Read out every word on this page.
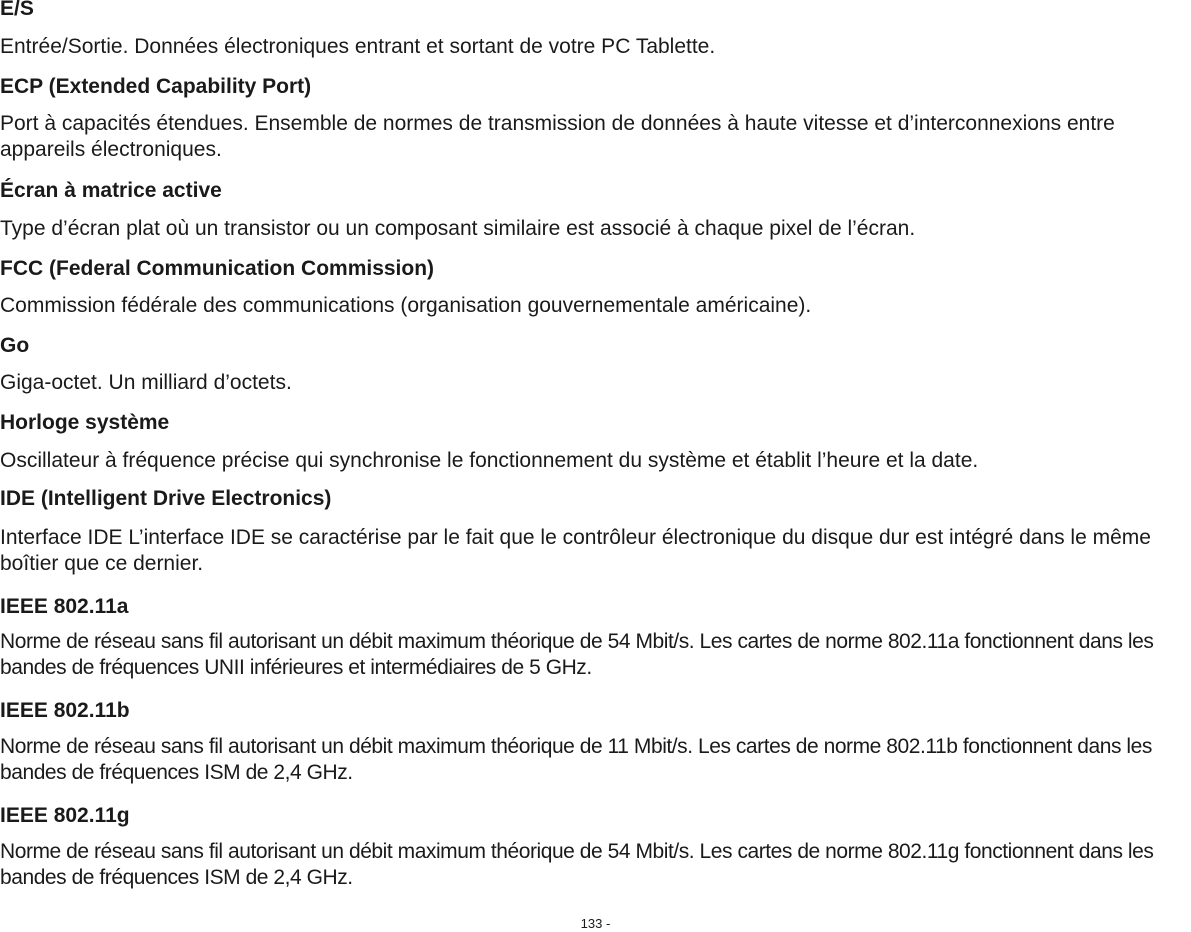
E/S

Entrée/Sortie. Données électroniques entrant et sortant de votre PC Tablette.

ECP (Extended Capability Port)

Port à capacités étendues. Ensemble de normes de transmission de données à haute vitesse et d’interconnexions entre appareils électroniques.

Écran à matrice active

Type d’écran plat où un transistor ou un composant similaire est associé à chaque pixel de l’écran.

FCC (Federal Communication Commission)

Commission fédérale des communications (organisation gouvernementale américaine).

Go

Giga-octet. Un milliard d’octets.

Horloge système

Oscillateur à fréquence précise qui synchronise le fonctionnement du système et établit l’heure et la date.

IDE (Intelligent Drive Electronics)

Interface IDE L’interface IDE se caractérise par le fait que le contrôleur électronique du disque dur est intégré dans le même boîtier que ce dernier.

IEEE 802.11a

Norme de réseau sans fil autorisant un débit maximum théorique de 54 Mbit/s. Les cartes de norme 802.11a fonctionnent dans les bandes de fréquences UNII inférieures et intermédiaires de 5 GHz.

IEEE 802.11b

Norme de réseau sans fil autorisant un débit maximum théorique de 11 Mbit/s. Les cartes de norme 802.11b fonctionnent dans les bandes de fréquences ISM de 2,4 GHz.

IEEE 802.11g

Norme de réseau sans fil autorisant un débit maximum théorique de 54 Mbit/s. Les cartes de norme 802.11g fonctionnent dans les bandes de fréquences ISM de 2,4 GHz.

133 -
